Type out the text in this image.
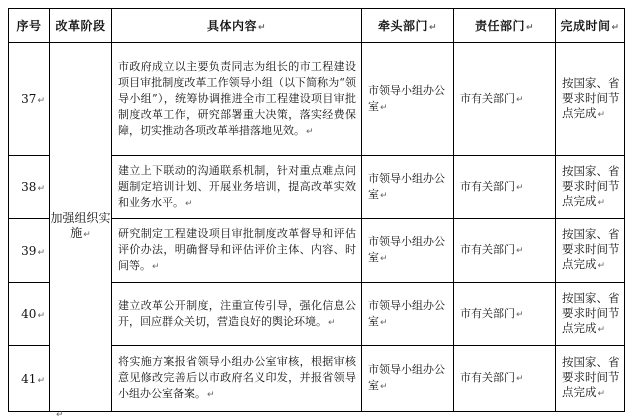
序号	改革阶段	具体内容↵	牵头部门↵	责任部门↵	完成时间↵
37↵	加强组织实施↵	市政府成立以主要负责同志为组长的市工程建设项目审批制度改革工作领导小组（以下简称为“领导小组”），统筹协调推进全市工程建设项目审批制度改革工作，研究部署重大决策，落实经费保障，切实推动各项改革举措落地见效。↵	市领导小组办公室↵	市有关部门↵	按国家、省要求时间节点完成↵
38↵		建立上下联动的沟通联系机制，针对重点难点问题制定培训计划、开展业务培训，提高改革实效和业务水平。↵	市领导小组办公室↵	市有关部门↵	按国家、省要求时间节点完成↵
39↵		研究制定工程建设项目审批制度改革督导和评估评价办法，明确督导和评估评价主体、内容、时间等。↵	市领导小组办公室↵	市有关部门↵	按国家、省要求时间节点完成↵
40↵		建立改革公开制度，注重宣传引导，强化信息公开，回应群众关切，营造良好的舆论环境。↵	市领导小组办公室↵	市有关部门↵	按国家、省要求时间节点完成↵
41↵		将实施方案报省领导小组办公室审核，根据审核意见修改完善后以市政府名义印发，并报省领导小组办公室备案。↵	市领导小组办公室↵	市有关部门↵	按国家、省要求时间节点完成↵
↵
